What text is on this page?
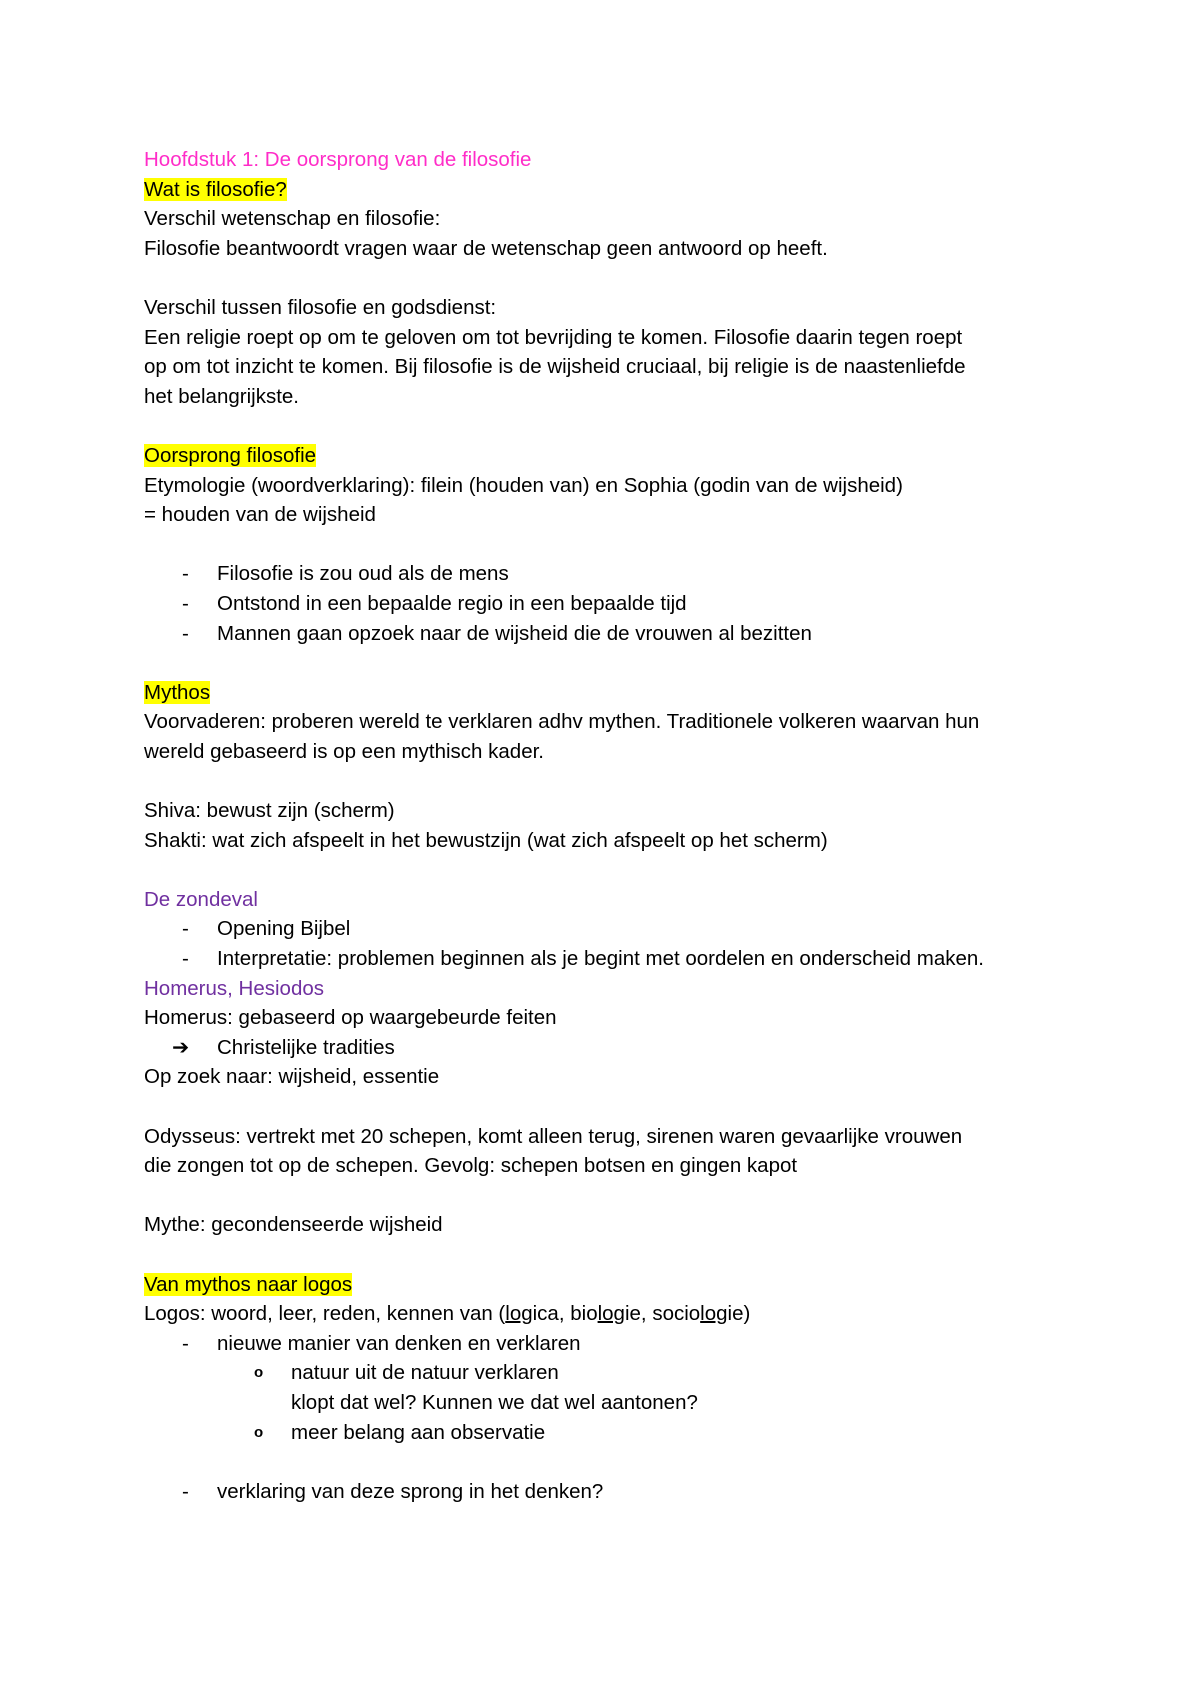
Hoofdstuk 1: De oorsprong van de filosofie
Wat is filosofie?
Verschil wetenschap en filosofie:
Filosofie beantwoordt vragen waar de wetenschap geen antwoord op heeft.
Verschil tussen filosofie en godsdienst:
Een religie roept op om te geloven om tot bevrijding te komen. Filosofie daarin tegen roept
op om tot inzicht te komen. Bij filosofie is de wijsheid cruciaal, bij religie is de naastenliefde
het belangrijkste.
Oorsprong filosofie
Etymologie (woordverklaring): filein (houden van) en Sophia (godin van de wijsheid)
= houden van de wijsheid
- Filosofie is zou oud als de mens
- Ontstond in een bepaalde regio in een bepaalde tijd
- Mannen gaan opzoek naar de wijsheid die de vrouwen al bezitten
Mythos
Voorvaderen: proberen wereld te verklaren adhv mythen. Traditionele volkeren waarvan hun
wereld gebaseerd is op een mythisch kader.
Shiva: bewust zijn (scherm)
Shakti: wat zich afspeelt in het bewustzijn (wat zich afspeelt op het scherm)
De zondeval
- Opening Bijbel
- Interpretatie: problemen beginnen als je begint met oordelen en onderscheid maken.
Homerus, Hesiodos
Homerus: gebaseerd op waargebeurde feiten
➔ Christelijke tradities
Op zoek naar: wijsheid, essentie
Odysseus: vertrekt met 20 schepen, komt alleen terug, sirenen waren gevaarlijke vrouwen
die zongen tot op de schepen. Gevolg: schepen botsen en gingen kapot
Mythe: gecondenseerde wijsheid
Van mythos naar logos
Logos: woord, leer, reden, kennen van (logica, biologie, sociologie)
- nieuwe manier van denken en verklaren
o natuur uit de natuur verklaren
klopt dat wel? Kunnen we dat wel aantonen?
o meer belang aan observatie
- verklaring van deze sprong in het denken?
